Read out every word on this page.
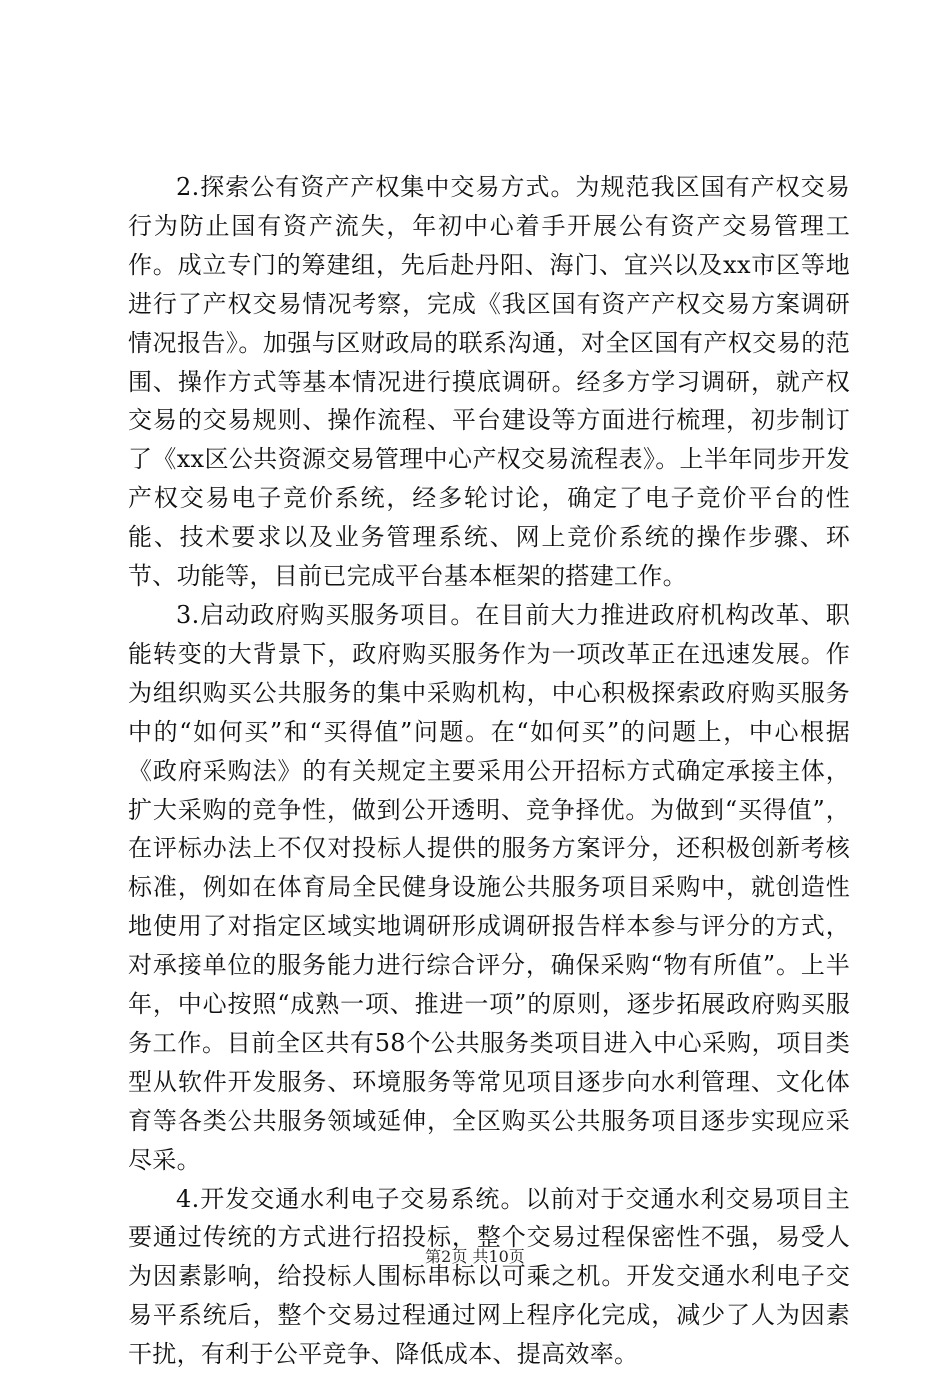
2.探索公有资产产权集中交易方式。为规范我区国有产权交易行为防止国有资产流失，年初中心着手开展公有资产交易管理工作。成立专门的筹建组，先后赴丹阳、海门、宜兴以及xx市区等地进行了产权交易情况考察，完成《我区国有资产产权交易方案调研情况报告》。加强与区财政局的联系沟通，对全区国有产权交易的范围、操作方式等基本情况进行摸底调研。经多方学习调研，就产权交易的交易规则、操作流程、平台建设等方面进行梳理，初步制订了《xx区公共资源交易管理中心产权交易流程表》。上半年同步开发产权交易电子竞价系统，经多轮讨论，确定了电子竞价平台的性能、技术要求以及业务管理系统、网上竞价系统的操作步骤、环节、功能等，目前已完成平台基本框架的搭建工作。

3.启动政府购买服务项目。在目前大力推进政府机构改革、职能转变的大背景下，政府购买服务作为一项改革正在迅速发展。作为组织购买公共服务的集中采购机构，中心积极探索政府购买服务中的“如何买”和“买得值”问题。在“如何买”的问题上，中心根据《政府采购法》的有关规定主要采用公开招标方式确定承接主体，扩大采购的竞争性，做到公开透明、竞争择优。为做到“买得值”，在评标办法上不仅对投标人提供的服务方案评分，还积极创新考核标准，例如在体育局全民健身设施公共服务项目采购中，就创造性地使用了对指定区域实地调研形成调研报告样本参与评分的方式，对承接单位的服务能力进行综合评分，确保采购“物有所值”。上半年，中心按照“成熟一项、推进一项”的原则，逐步拓展政府购买服务工作。目前全区共有58个公共服务类项目进入中心采购，项目类型从软件开发服务、环境服务等常见项目逐步向水利管理、文化体育等各类公共服务领域延伸，全区购买公共服务项目逐步实现应采尽采。

4.开发交通水利电子交易系统。以前对于交通水利交易项目主要通过传统的方式进行招投标，整个交易过程保密性不强，易受人为因素影响，给投标人围标串标以可乘之机。开发交通水利电子交易平系统后，整个交易过程通过网上程序化完成，减少了人为因素干扰，有利于公平竞争、降低成本、提高效率。

第2页 共10页
